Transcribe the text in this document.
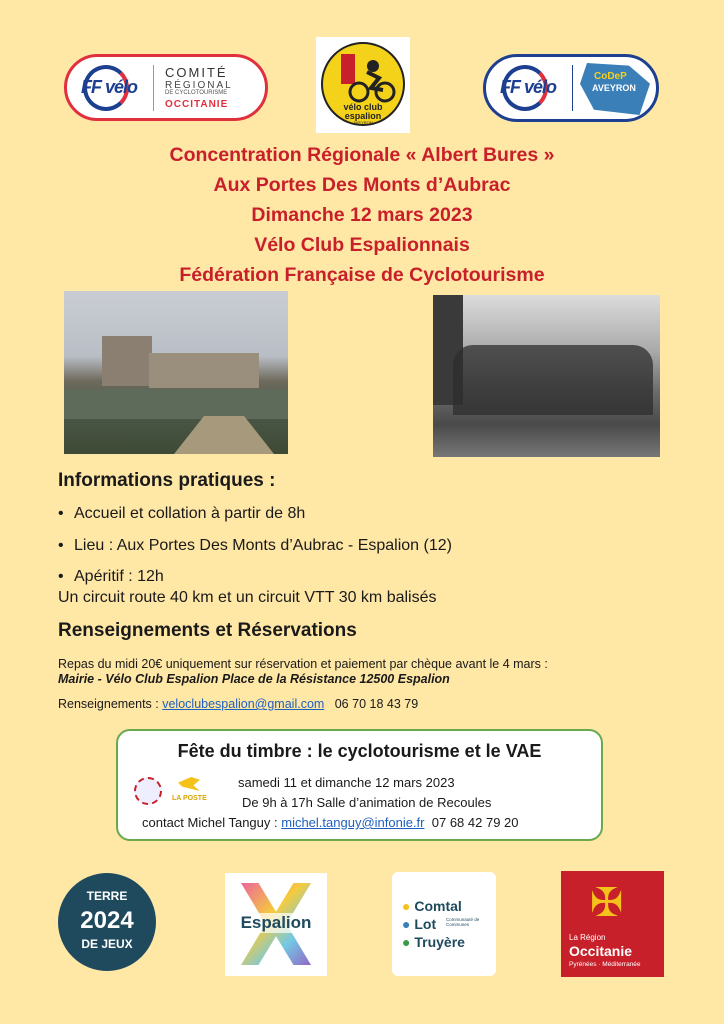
FF vélo
COMITÉ
RÉGIONAL
DE CYCLOTOURISME
OCCITANIE	vélo club
espalion
AVEYRON
FF vélo
CoDeP
AVEYRON
Concentration Régionale « Albert Bures »
Aux Portes Des Monts d’Aubrac
Dimanche 12 mars 2023
Vélo Club Espalionnais
Fédération Française de Cyclotourisme
Informations pratiques :
• Accueil et collation à partir de 8h
• Lieu : Aux Portes Des Monts d’Aubrac - Espalion (12)
• Apéritif : 12h
Un circuit route 40 km et un circuit VTT 30 km balisés
Renseignements et Réservations
Repas du midi 20€ uniquement sur réservation et paiement par chèque avant le 4 mars :
Mairie - Vélo Club Espalion Place de la Résistance 12500 Espalion
Renseignements : veloclubespalion@gmail.com 06 70 18 43 79
Fête du timbre : le cyclotourisme et le VAE
LA POSTE
samedi 11 et dimanche 12 mars 2023
De 9h à 17h Salle d’animation de Recoules
contact Michel Tanguy : michel.tanguy@infonie.fr 07 68 42 79 20
TERRE
2024
DE JEUX
Espalion
● Comtal
● Lot Communauté de Communes
● Truyère
✠
La Région
Occitanie
Pyrénées · Méditerranée
